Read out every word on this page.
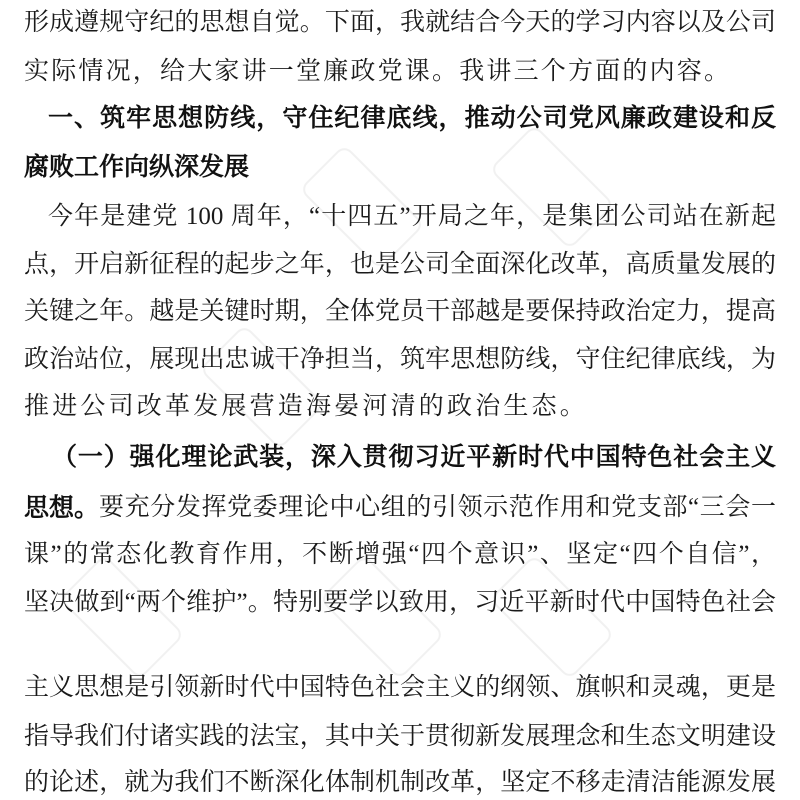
形成遵规守纪的思想自觉。下面，我就结合今天的学习内容以及公司
实际情况，给大家讲一堂廉政党课。我讲三个方面的内容。
一、筑牢思想防线，守住纪律底线，推动公司党风廉政建设和反
腐败工作向纵深发展
今年是建党 100 周年，“十四五”开局之年，是集团公司站在新起
点，开启新征程的起步之年，也是公司全面深化改革，高质量发展的
关键之年。越是关键时期，全体党员干部越是要保持政治定力，提高
政治站位，展现出忠诚干净担当，筑牢思想防线，守住纪律底线，为
推进公司改革发展营造海晏河清的政治生态。
（一）强化理论武装，深入贯彻习近平新时代中国特色社会主义
思想。 要充分发挥党委理论中心组的引领示范作用和党支部“三会一
课”的常态化教育作用，不断增强“四个意识”、坚定“四个自信”，
坚决做到“两个维护”。特别要学以致用，习近平新时代中国特色社会
主义思想是引领新时代中国特色社会主义的纲领、旗帜和灵魂，更是
指导我们付诸实践的法宝，其中关于贯彻新发展理念和生态文明建设
的论述，就为我们不断深化体制机制改革，坚定不移走清洁能源发展
